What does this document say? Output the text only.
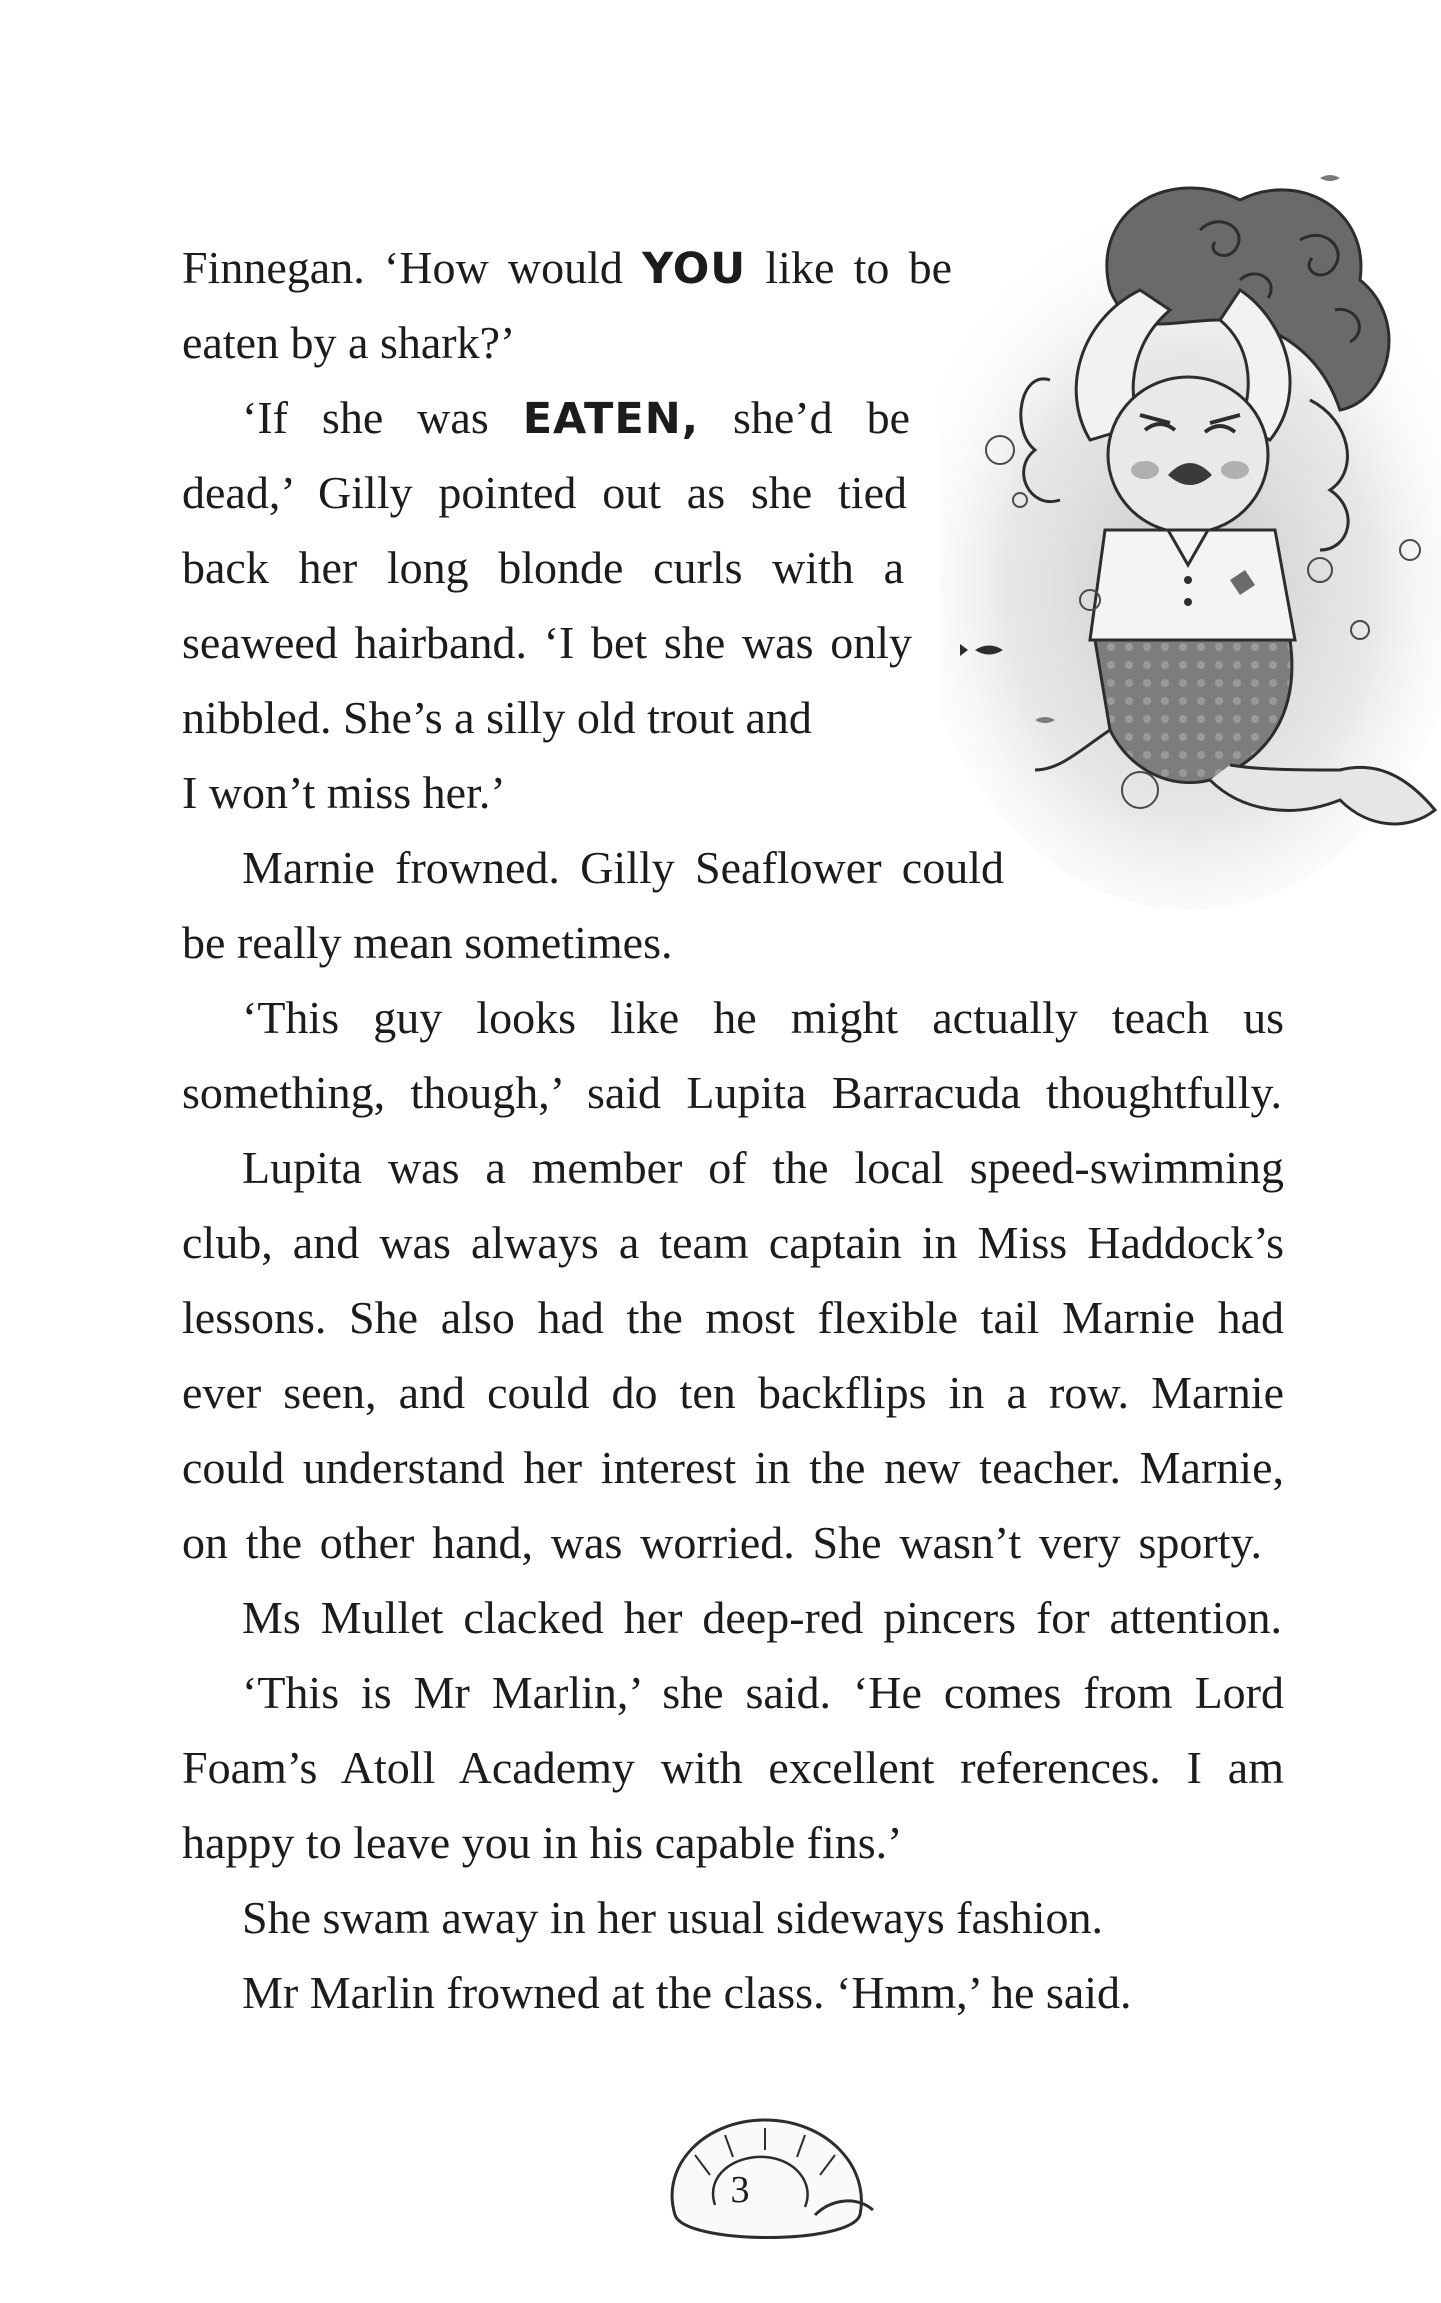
Finnegan. ‘How would YOU like to be
eaten by a shark?’
‘If she was EATEN, she’d be
dead,’ Gilly pointed out as she tied
back her long blonde curls with a
seaweed hairband. ‘I bet she was only
nibbled. She’s a silly old trout and
I won’t miss her.’
Marnie frowned. Gilly Seaflower could
be really mean sometimes.
‘This guy looks like he might actually teach us
something, though,’ said Lupita Barracuda thoughtfully.
Lupita was a member of the local speed-swimming
club, and was always a team captain in Miss Haddock’s
lessons. She also had the most flexible tail Marnie had
ever seen, and could do ten backflips in a row. Marnie
could understand her interest in the new teacher. Marnie,
on the other hand, was worried. She wasn’t very sporty.
Ms Mullet clacked her deep-red pincers for attention.
‘This is Mr Marlin,’ she said. ‘He comes from Lord
Foam’s Atoll Academy with excellent references. I am
happy to leave you in his capable fins.’
She swam away in her usual sideways fashion.
Mr Marlin frowned at the class. ‘Hmm,’ he said.
3
